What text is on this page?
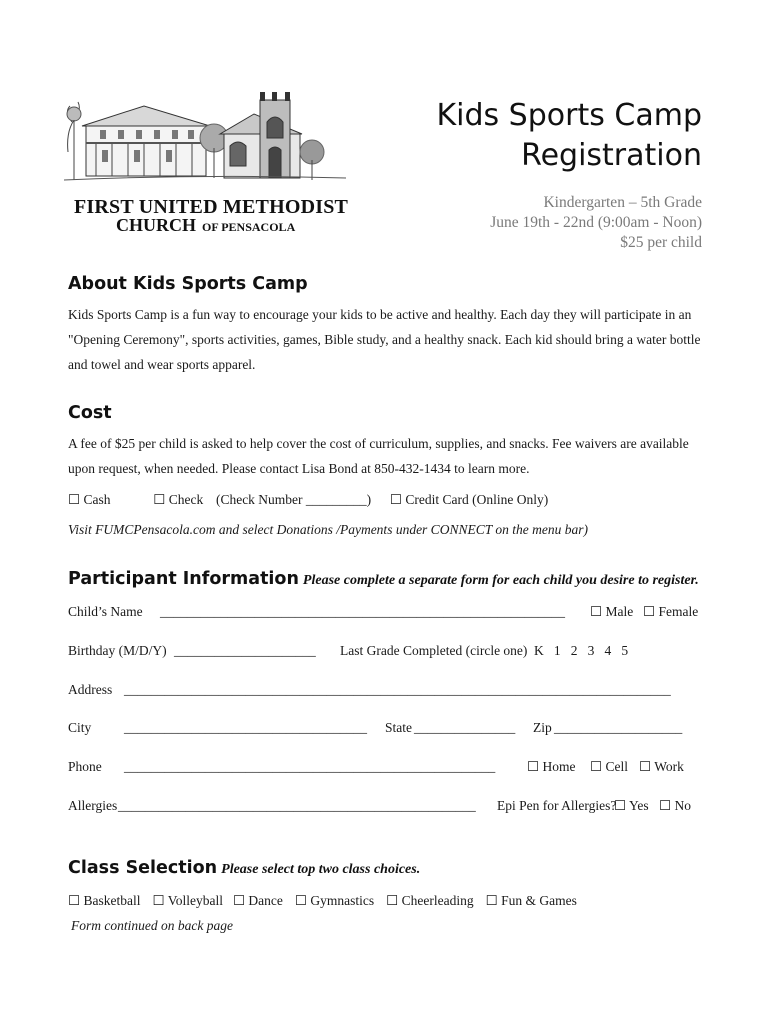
FIRST UNITED METHODIST
CHURCH OF PENSACOLA
Kids Sports Camp
Registration
Kindergarten – 5th Grade
June 19th - 22nd (9:00am - Noon)
$25 per child
About Kids Sports Camp
Kids Sports Camp is a fun way to encourage your kids to be active and healthy. Each day they will participate in an "Opening Ceremony", sports activities, games, Bible study, and a healthy snack. Each kid should bring a water bottle and towel and wear sports apparel.
Cost
A fee of $25 per child is asked to help cover the cost of curriculum, supplies, and snacks. Fee waivers are available upon request, when needed. Please contact Lisa Bond at 850-432-1434 to learn more.
☐ Cash	☐ Check (Check Number _________) ☐ Credit Card (Online Only)
Visit FUMCPensacola.com and select Donations /Payments under CONNECT on the menu bar)
Participant Information Please complete a separate form for each child you desire to register.
Child’s Name ____________________________________________________________ ☐ Male ☐ Female
Birthday (M/D/Y) _____________________ Last Grade Completed (circle one) K   1   2   3   4   5
Address _________________________________________________________________________________
City ____________________________________ State _______________ Zip ___________________
Phone _______________________________________________________ ☐ Home ☐ Cell ☐ Work
Allergies _____________________________________________________ Epi Pen for Allergies?
☐ Yes ☐ No
Class Selection Please select top two class choices.
☐ Basketball ☐ Volleyball ☐ Dance ☐ Gymnastics ☐ Cheerleading ☐ Fun & Games
Form continued on back page
